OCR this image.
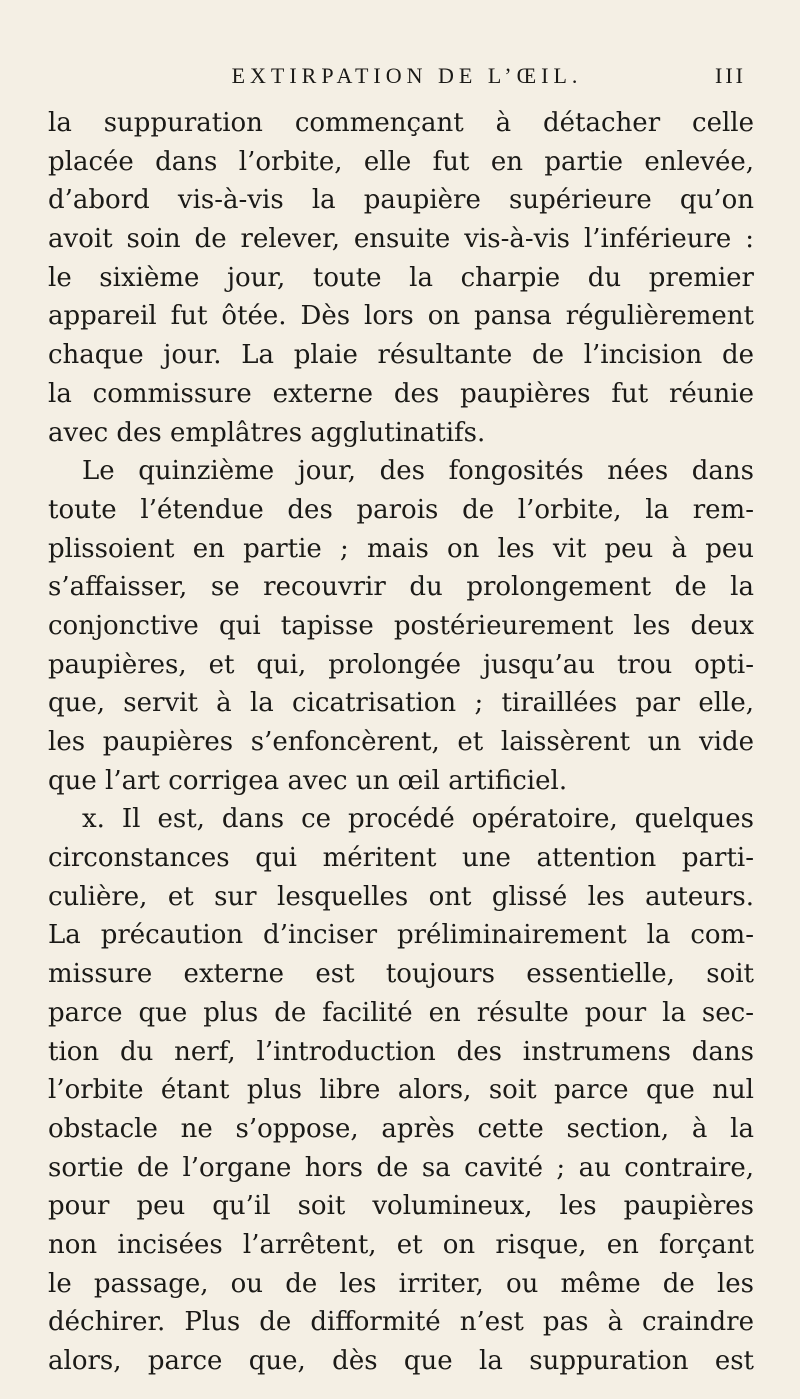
EXTIRPATION DE L’ŒIL.	III
la suppuration commençant à détacher celle
placée dans l’orbite, elle fut en partie enlevée,
d’abord vis-à-vis la paupière supérieure qu’on
avoit soin de relever, ensuite vis-à-vis l’inférieure :
le sixième jour, toute la charpie du premier
appareil fut ôtée. Dès lors on pansa régulièrement
chaque jour. La plaie résultante de l’incision de
la commissure externe des paupières fut réunie
avec des emplâtres agglutinatifs.
Le quinzième jour, des fongosités nées dans
toute l’étendue des parois de l’orbite, la rem-
plissoient en partie ; mais on les vit peu à peu
s’affaisser, se recouvrir du prolongement de la
conjonctive qui tapisse postérieurement les deux
paupières, et qui, prolongée jusqu’au trou opti-
que, servit à la cicatrisation ; tiraillées par elle,
les paupières s’enfoncèrent, et laissèrent un vide
que l’art corrigea avec un œil artificiel.
x. Il est, dans ce procédé opératoire, quelques
circonstances qui méritent une attention parti-
culière, et sur lesquelles ont glissé les auteurs.
La précaution d’inciser préliminairement la com-
missure externe est toujours essentielle, soit
parce que plus de facilité en résulte pour la sec-
tion du nerf, l’introduction des instrumens dans
l’orbite étant plus libre alors, soit parce que nul
obstacle ne s’oppose, après cette section, à la
sortie de l’organe hors de sa cavité ; au contraire,
pour peu qu’il soit volumineux, les paupières
non incisées l’arrêtent, et on risque, en forçant
le passage, ou de les irriter, ou même de les
déchirer. Plus de difformité n’est pas à craindre
alors, parce que, dès que la suppuration est
